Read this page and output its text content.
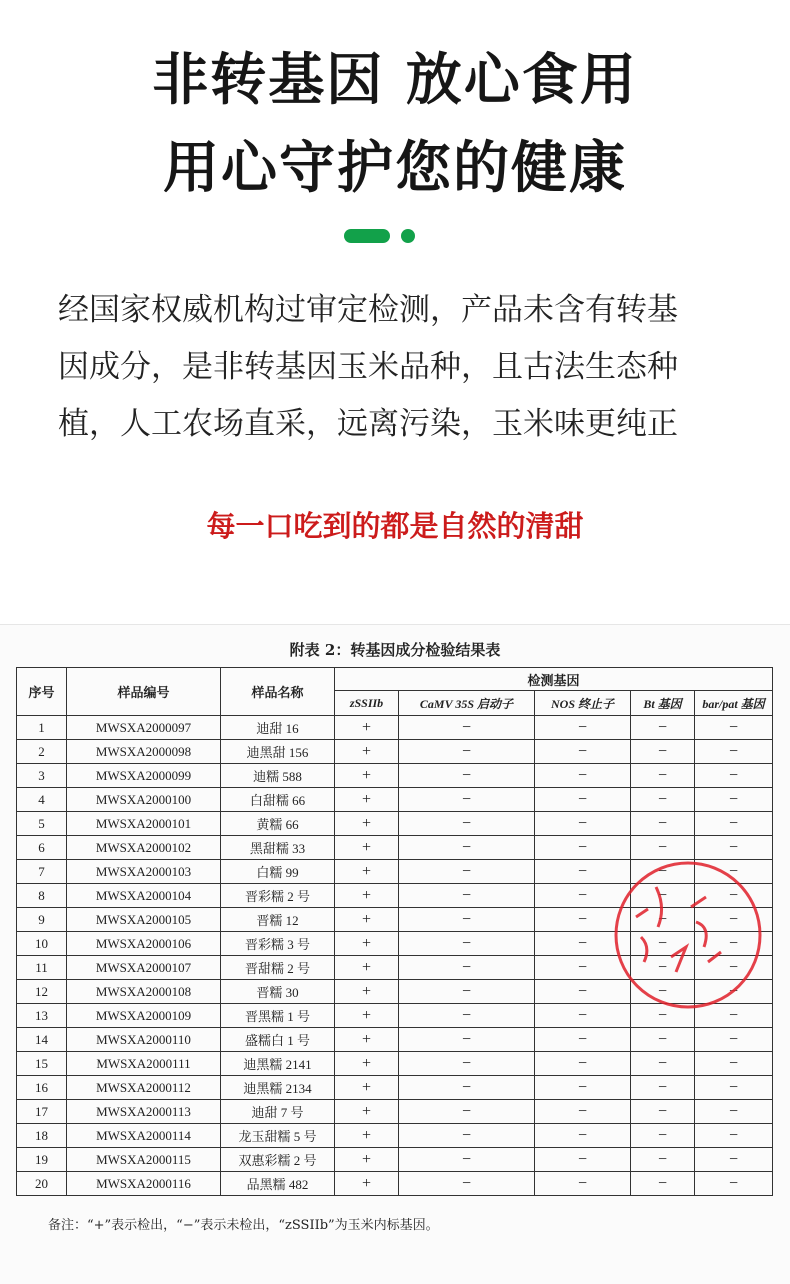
非转基因 放心食用
用心守护您的健康
经国家权威机构过审定检测，产品未含有转基
因成分，是非转基因玉米品种，且古法生态种
植，人工农场直采，远离污染，玉米味更纯正
每一口吃到的都是自然的清甜
附表 2：转基因成分检验结果表
序号	样品编号	样品名称	检测基因				
			zSSIIb	CaMV 35S 启动子	NOS 终止子	Bt 基因	bar/pat 基因
1	MWSXA2000097	迪甜 16	+	−	−	−	−
2	MWSXA2000098	迪黑甜 156	+	−	−	−	−
3	MWSXA2000099	迪糯 588	+	−	−	−	−
4	MWSXA2000100	白甜糯 66	+	−	−	−	−
5	MWSXA2000101	黄糯 66	+	−	−	−	−
6	MWSXA2000102	黑甜糯 33	+	−	−	−	−
7	MWSXA2000103	白糯 99	+	−	−	−	−
8	MWSXA2000104	晋彩糯 2 号	+	−	−	−	−
9	MWSXA2000105	晋糯 12	+	−	−	−	−
10	MWSXA2000106	晋彩糯 3 号	+	−	−	−	−
11	MWSXA2000107	晋甜糯 2 号	+	−	−	−	−
12	MWSXA2000108	晋糯 30	+	−	−	−	−
13	MWSXA2000109	晋黑糯 1 号	+	−	−	−	−
14	MWSXA2000110	盛糯白 1 号	+	−	−	−	−
15	MWSXA2000111	迪黑糯 2141	+	−	−	−	−
16	MWSXA2000112	迪黑糯 2134	+	−	−	−	−
17	MWSXA2000113	迪甜 7 号	+	−	−	−	−
18	MWSXA2000114	龙玉甜糯 5 号	+	−	−	−	−
19	MWSXA2000115	双惠彩糯 2 号	+	−	−	−	−
20	MWSXA2000116	品黑糯 482	+	−	−	−	−
备注：“+”表示检出，“−”表示未检出，“zSSIIb”为玉米内标基因。
